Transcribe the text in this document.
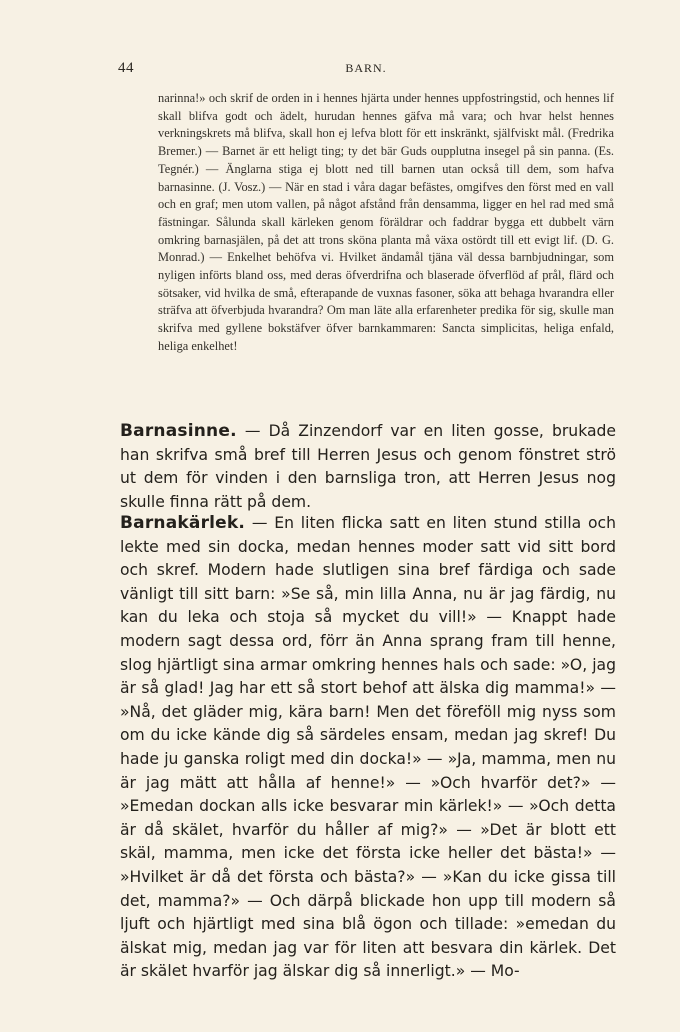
44	BARN.

narinna!» och skrif de orden in i hennes hjärta under hennes uppfostringstid, och hennes lif skall blifva godt och ädelt, hurudan hennes gäfva må vara; och hvar helst hennes verkningskrets må blifva, skall hon ej lefva blott för ett inskränkt, själfviskt mål. (Fredrika Bremer.) — Barnet är ett heligt ting; ty det bär Guds oupplutna insegel på sin panna. (Es. Tegnér.) — Änglarna stiga ej blott ned till barnen utan också till dem, som hafva barnasinne. (J. Vosz.) — När en stad i våra dagar befästes, omgifves den först med en vall och en graf; men utom vallen, på något afstånd från densamma, ligger en hel rad med små fästningar. Sålunda skall kärleken genom föräldrar och faddrar bygga ett dubbelt värn omkring barnasjälen, på det att trons sköna planta må växa ostördt till ett evigt lif. (D. G. Monrad.) — Enkelhet behöfva vi. Hvilket ändamål tjäna väl dessa barnbjudningar, som nyligen införts bland oss, med deras öfverdrifna och blaserade öfverflöd af prål, flärd och sötsaker, vid hvilka de små, efterapande de vuxnas fasoner, söka att behaga hvarandra eller sträfva att öfverbjuda hvarandra? Om man läte alla erfarenheter predika för sig, skulle man skrifva med gyllene bokstäfver öfver barnkammaren: Sancta simplicitas, heliga enfald, heliga enkelhet!

Barnasinne. — Då Zinzendorf var en liten gosse, brukade han skrifva små bref till Herren Jesus och genom fönstret strö ut dem för vinden i den barnsliga tron, att Herren Jesus nog skulle finna rätt på dem.

Barnakärlek. — En liten flicka satt en liten stund stilla och lekte med sin docka, medan hennes moder satt vid sitt bord och skref. Modern hade slutligen sina bref färdiga och sade vänligt till sitt barn: »Se så, min lilla Anna, nu är jag färdig, nu kan du leka och stoja så mycket du vill!» — Knappt hade modern sagt dessa ord, förr än Anna sprang fram till henne, slog hjärtligt sina armar omkring hennes hals och sade: »O, jag är så glad! Jag har ett så stort behof att älska dig mamma!» — »Nå, det gläder mig, kära barn! Men det föreföll mig nyss som om du icke kände dig så särdeles ensam, medan jag skref! Du hade ju ganska roligt med din docka!» — »Ja, mamma, men nu är jag mätt att hålla af henne!» — »Och hvarför det?» — »Emedan dockan alls icke besvarar min kärlek!» — »Och detta är då skälet, hvarför du håller af mig?» — »Det är blott ett skäl, mamma, men icke det första icke heller det bästa!» — »Hvilket är då det första och bästa?» — »Kan du icke gissa till det, mamma?» — Och därpå blickade hon upp till modern så ljuft och hjärtligt med sina blå ögon och tillade: »emedan du älskat mig, medan jag var för liten att besvara din kärlek. Det är skälet hvarför jag älskar dig så innerligt.» — Mo-
